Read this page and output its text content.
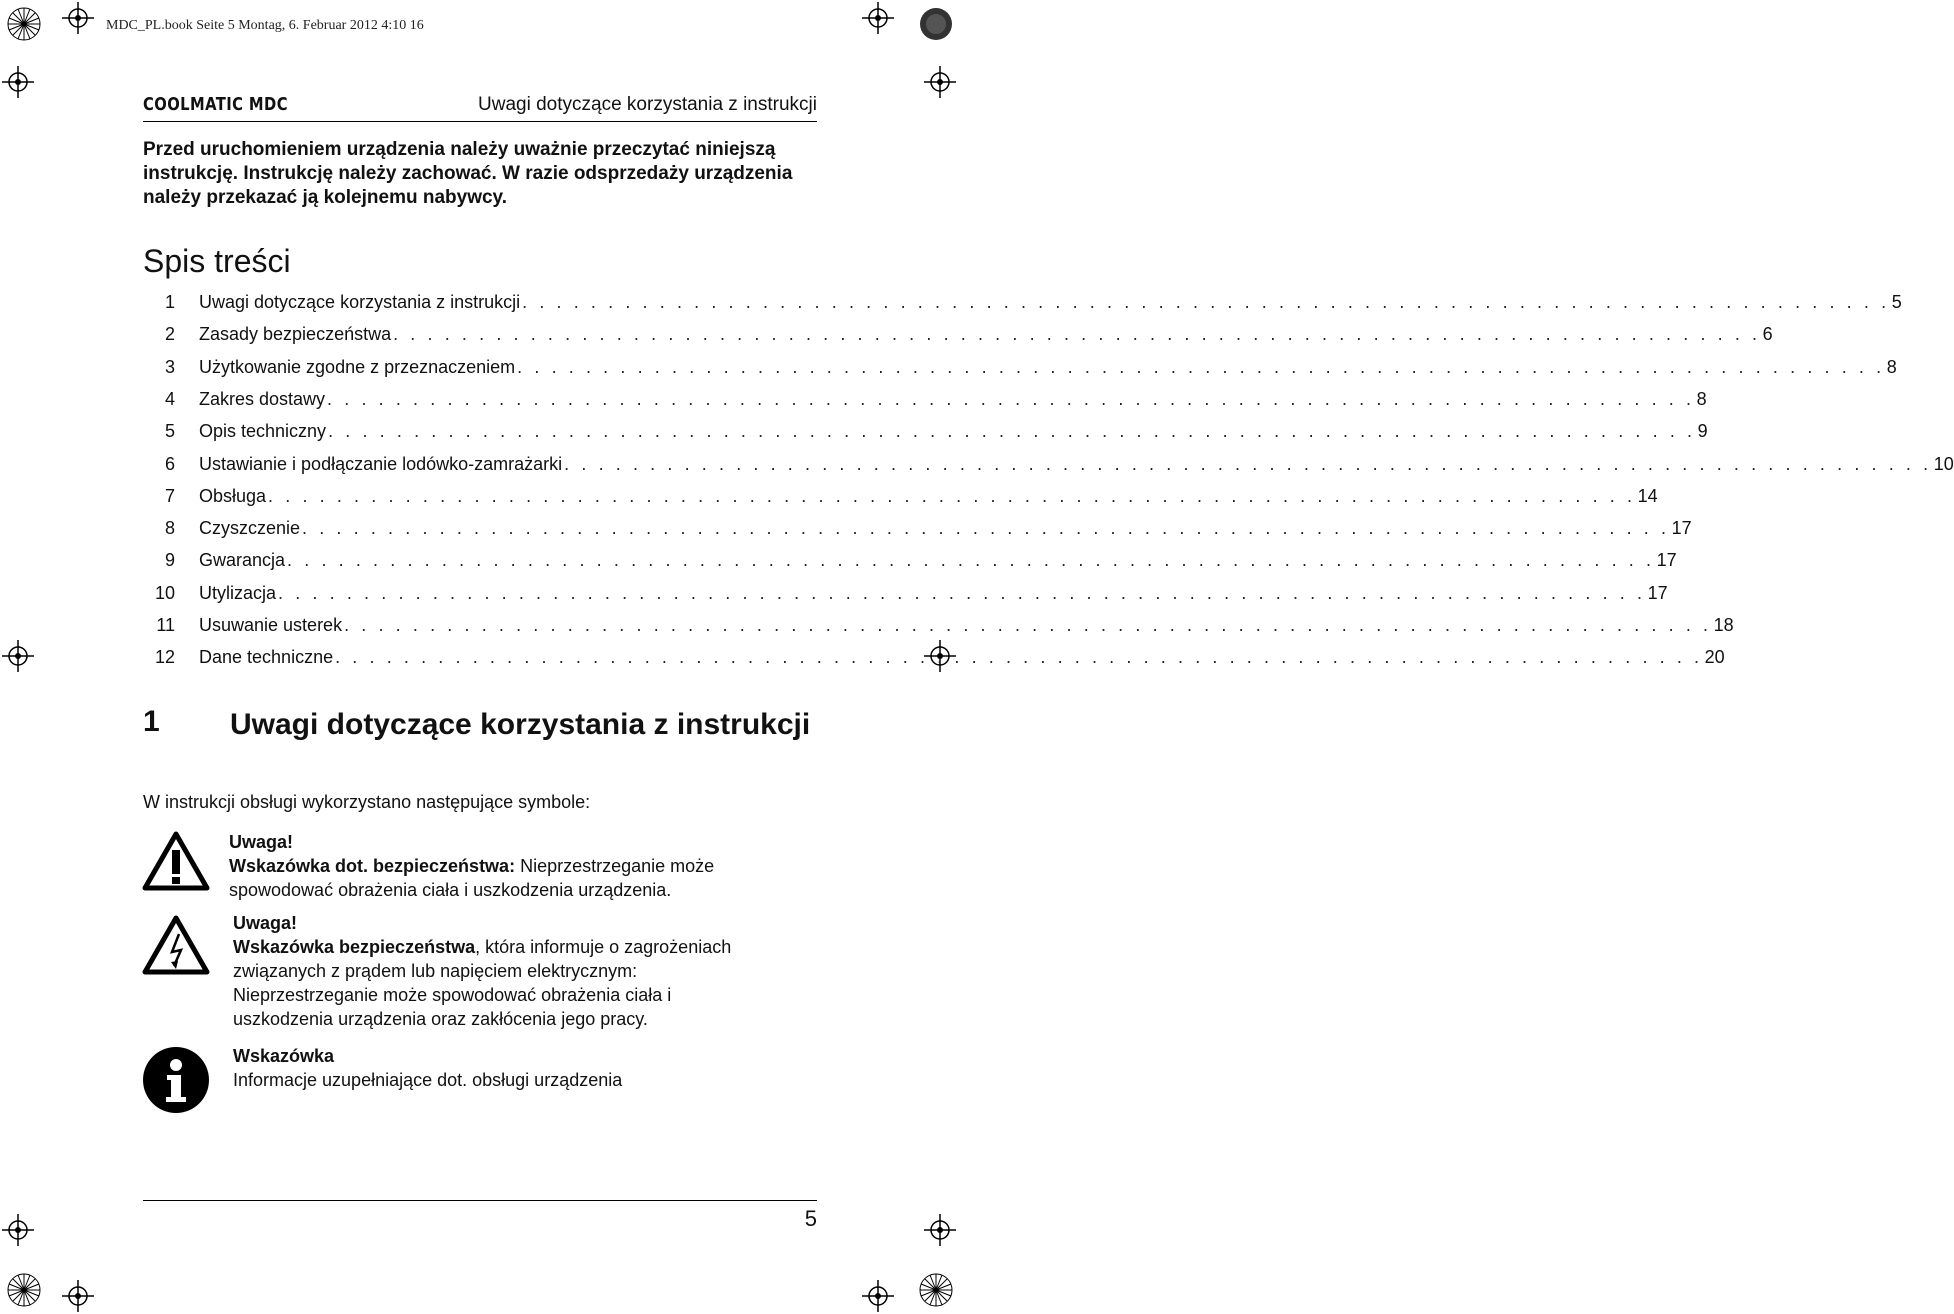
MDC_PL.book Seite 5 Montag, 6. Februar 2012 4:10 16
COOLMATIC MDC	Uwagi dotyczące korzystania z instrukcji
Przed uruchomieniem urządzenia należy uważnie przeczytać niniejszą instrukcję. Instrukcję należy zachować. W razie odsprzedaży urządzenia należy przekazać ją kolejnemu nabywcy.
Spis treści
1 Uwagi dotyczące korzystania z instrukcji . . . . . . . . . . . . . . . . . . . . . . . . . . . . . . . . . . . . . . . . . . . . . . . . . . . . . . . . . . . . . . . . . . . . . . . . . . . . . . . . 5
2 Zasady bezpieczeństwa . . . . . . . . . . . . . . . . . . . . . . . . . . . . . . . . . . . . . . . . . . . . . . . . . . . . . . . . . . . . . . . . . . . . . . . . . . . . . . . . 6
3 Użytkowanie zgodne z przeznaczeniem . . . . . . . . . . . . . . . . . . . . . . . . . . . . . . . . . . . . . . . . . . . . . . . . . . . . . . . . . . . . . . . . . . . . . . . . . . . . . . . . 8
4 Zakres dostawy . . . . . . . . . . . . . . . . . . . . . . . . . . . . . . . . . . . . . . . . . . . . . . . . . . . . . . . . . . . . . . . . . . . . . . . . . . . . . . . . 8
5 Opis techniczny . . . . . . . . . . . . . . . . . . . . . . . . . . . . . . . . . . . . . . . . . . . . . . . . . . . . . . . . . . . . . . . . . . . . . . . . . . . . . . . . 9
6 Ustawianie i podłączanie lodówko-zamrażarki . . . . . . . . . . . . . . . . . . . . . . . . . . . . . . . . . . . . . . . . . . . . . . . . . . . . . . . . . . . . . . . . . . . . . . . . . . . . . . . . 10
7 Obsługa . . . . . . . . . . . . . . . . . . . . . . . . . . . . . . . . . . . . . . . . . . . . . . . . . . . . . . . . . . . . . . . . . . . . . . . . . . . . . . . . 14
8 Czyszczenie . . . . . . . . . . . . . . . . . . . . . . . . . . . . . . . . . . . . . . . . . . . . . . . . . . . . . . . . . . . . . . . . . . . . . . . . . . . . . . . . 17
9 Gwarancja . . . . . . . . . . . . . . . . . . . . . . . . . . . . . . . . . . . . . . . . . . . . . . . . . . . . . . . . . . . . . . . . . . . . . . . . . . . . . . . . 17
10 Utylizacja . . . . . . . . . . . . . . . . . . . . . . . . . . . . . . . . . . . . . . . . . . . . . . . . . . . . . . . . . . . . . . . . . . . . . . . . . . . . . . . . 17
11 Usuwanie usterek . . . . . . . . . . . . . . . . . . . . . . . . . . . . . . . . . . . . . . . . . . . . . . . . . . . . . . . . . . . . . . . . . . . . . . . . . . . . . . . . 18
12 Dane techniczne . . . . . . . . . . . . . . . . . . . . . . . . . . . . . . . . . . . . . . . . . . . . . . . . . . . . . . . . . . . . . . . . . . . . . . . . . . . . . . . . 20
1 Uwagi dotyczące korzystania z instrukcji
W instrukcji obsługi wykorzystano następujące symbole:
Uwaga!
Wskazówka dot. bezpieczeństwa: Nieprzestrzeganie może
spowodować obrażenia ciała i uszkodzenia urządzenia.
Uwaga!
Wskazówka bezpieczeństwa, która informuje o zagrożeniach
związanych z prądem lub napięciem elektrycznym:
Nieprzestrzeganie może spowodować obrażenia ciała i
uszkodzenia urządzenia oraz zakłócenia jego pracy.
Wskazówka
Informacje uzupełniające dot. obsługi urządzenia
5
